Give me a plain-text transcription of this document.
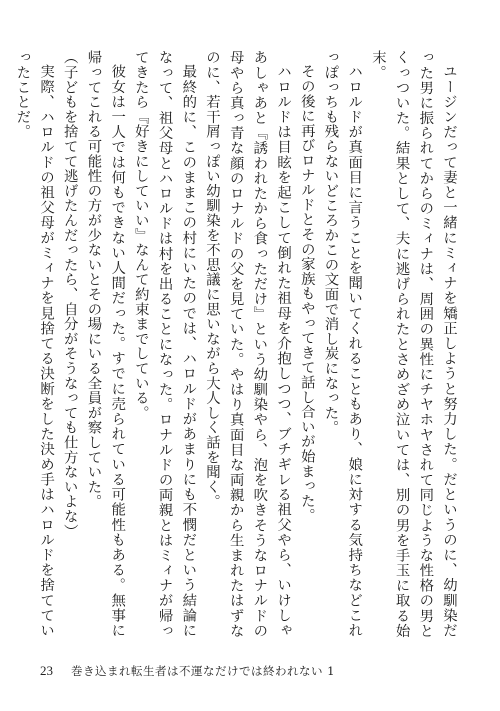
ユージンだって妻と一緒にミィナを矯正しようと努力した。だというのに、幼馴染だった男に振られてからのミィナは、周囲の異性にチヤホヤされて同じような性格の男とくっついた。結果として、夫に逃げられたとさめざめ泣いては、別の男を手玉に取る始末。

ハロルドが真面目に言うことを聞いてくれることもあり、娘に対する気持ちなどこれっぽっちも残らないどころかこの文面で消し炭になった。

その後に再びロナルドとその家族もやってきて話し合いが始まった。

ハロルドは目眩を起こして倒れた祖母を介抱しつつ、ブチギレる祖父やら、いけしゃあしゃあと『誘われたから食っただけ』という幼馴染やら、泡を吹きそうなロナルドの母やら真っ青な顔のロナルドの父を見ていた。やはり真面目な両親から生まれたはずなのに、若干屑っぽい幼馴染を不思議に思いながら大人しく話を聞く。

最終的に、このままこの村にいたのでは、ハロルドがあまりにも不憫だという結論になって、祖父母とハロルドは村を出ることになった。ロナルドの両親とはミィナが帰ってきたら『好きにしていい』なんて約束までしている。

彼女は一人では何もできない人間だった。すでに売られている可能性もある。無事に帰ってこれる可能性の方が少ないとその場にいる全員が察していた。

（子どもを捨てて逃げたんだったら、自分がそうなっても仕方ないよな）

実際、ハロルドの祖父母がミィナを見捨てる決断をした決め手はハロルドを捨てていったことだ。

23 巻き込まれ転生者は不運なだけでは終われない 1
